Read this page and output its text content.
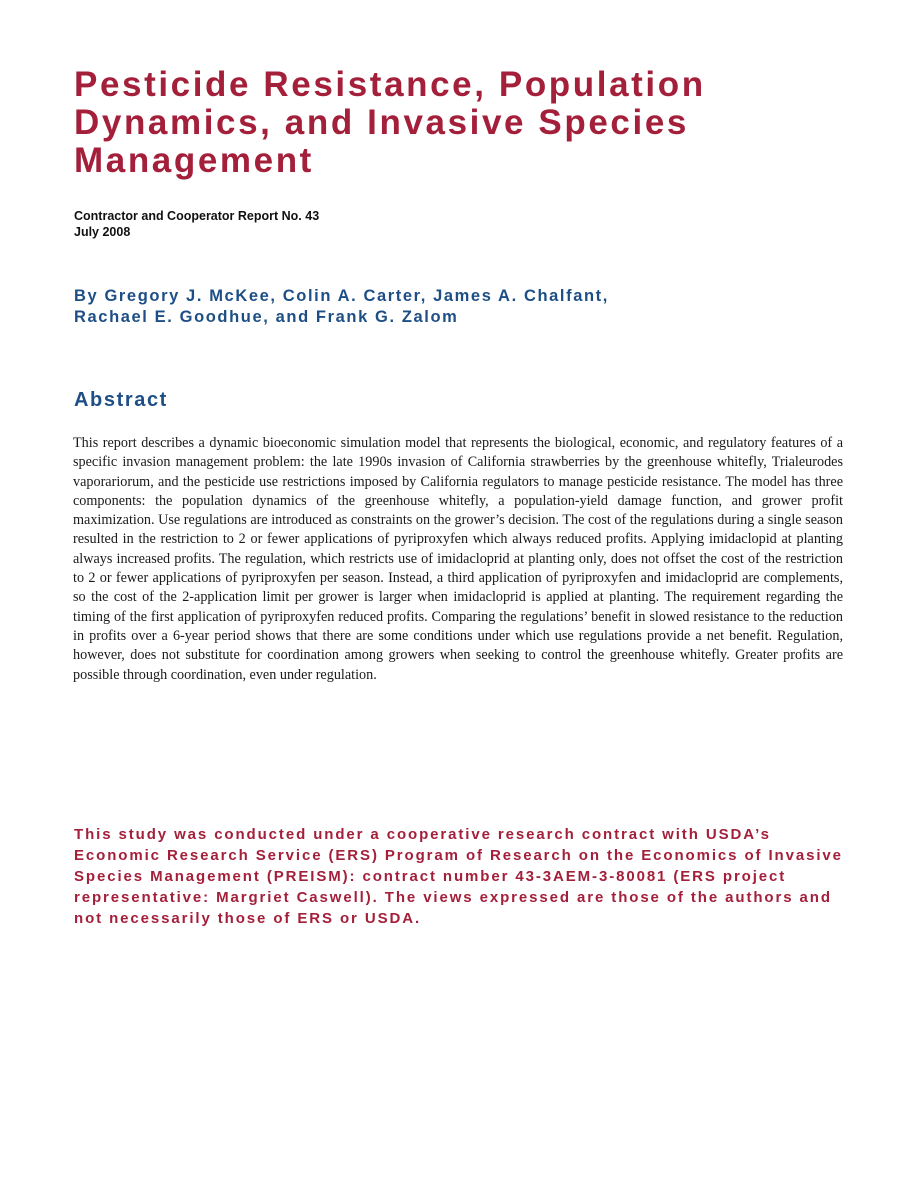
Pesticide Resistance, Population Dynamics, and Invasive Species Management
Contractor and Cooperator Report No. 43
July 2008
By Gregory J. McKee, Colin A. Carter, James A. Chalfant,
Rachael E. Goodhue, and Frank G. Zalom
Abstract

This report describes a dynamic bioeconomic simulation model that represents the biological, economic, and regulatory features of a specific invasion management problem: the late 1990s invasion of California strawberries by the greenhouse whitefly, Trialeurodes vaporariorum, and the pesticide use restrictions imposed by California regulators to manage pesticide resistance. The model has three components: the population dynamics of the greenhouse whitefly, a population-yield damage function, and grower profit maximization. Use regulations are introduced as constraints on the grower’s decision. The cost of the regulations during a single season resulted in the restriction to 2 or fewer applications of pyriproxyfen which always reduced profits. Applying imidaclopid at planting always increased profits. The regulation, which restricts use of imidacloprid at planting only, does not offset the cost of the restriction to 2 or fewer applications of pyriproxyfen per season. Instead, a third application of pyriproxyfen and imidacloprid are complements, so the cost of the 2-application limit per grower is larger when imidacloprid is applied at planting. The requirement regarding the timing of the first application of pyriproxyfen reduced profits. Comparing the regulations’ benefit in slowed resistance to the reduction in profits over a 6-year period shows that there are some conditions under which use regulations provide a net benefit. Regulation, however, does not substitute for coordination among growers when seeking to control the greenhouse whitefly. Greater profits are possible through coordination, even under regulation.

This study was conducted under a cooperative research contract with USDA’s Economic Research Service (ERS) Program of Research on the Economics of Invasive Species Management (PREISM): contract number 43-3AEM-3-80081 (ERS project representative: Margriet Caswell). The views expressed are those of the authors and not necessarily those of ERS or USDA.
